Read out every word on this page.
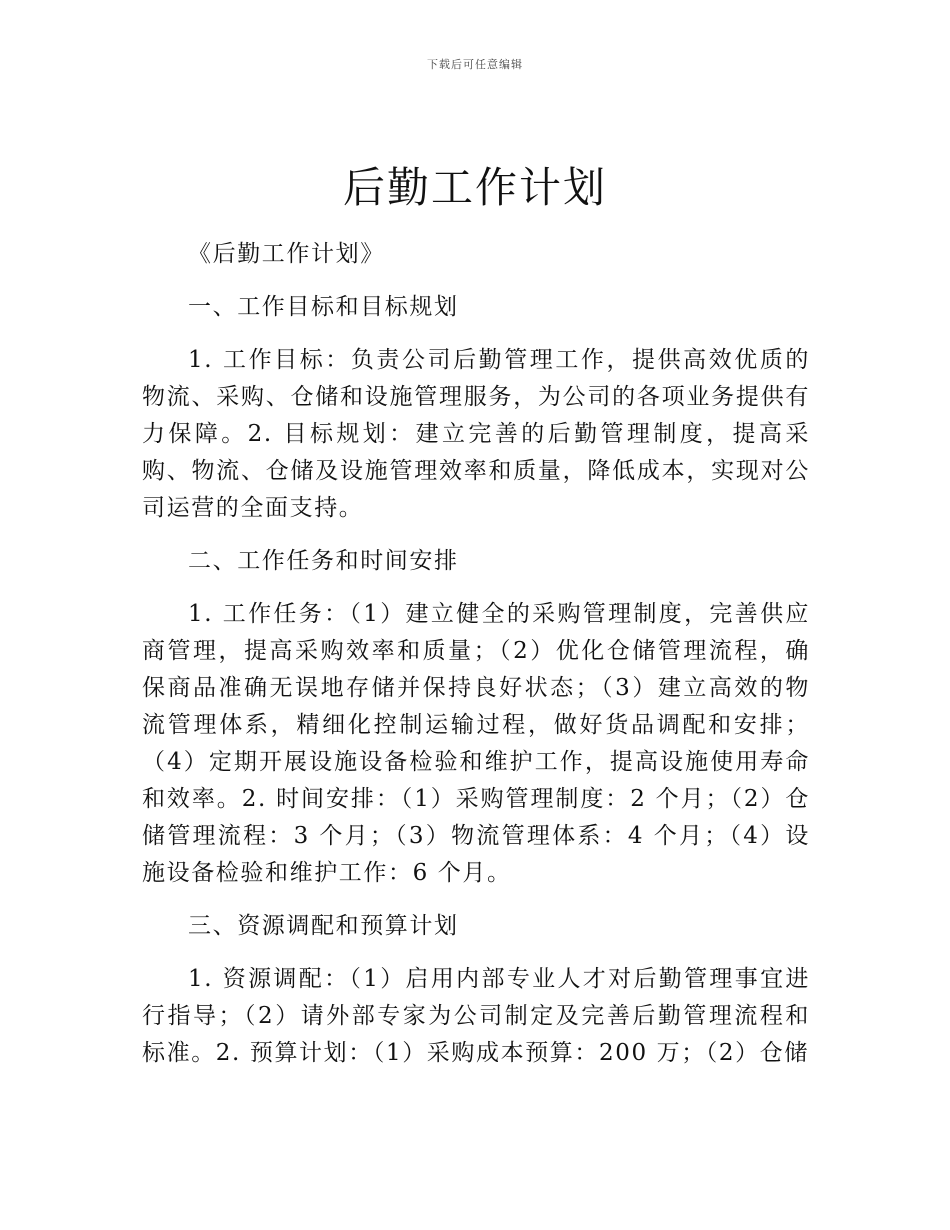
下载后可任意编辑
后勤工作计划

《后勤工作计划》

一、工作目标和目标规划

1. 工作目标：负责公司后勤管理工作，提供高效优质的物流、采购、仓储和设施管理服务，为公司的各项业务提供有力保障。2. 目标规划：建立完善的后勤管理制度，提高采购、物流、仓储及设施管理效率和质量，降低成本，实现对公司运营的全面支持。

二、工作任务和时间安排

1. 工作任务：（1）建立健全的采购管理制度，完善供应商管理，提高采购效率和质量；（2）优化仓储管理流程，确保商品准确无误地存储并保持良好状态；（3）建立高效的物流管理体系，精细化控制运输过程，做好货品调配和安排；（4）定期开展设施设备检验和维护工作，提高设施使用寿命和效率。2. 时间安排：（1）采购管理制度：2 个月；（2）仓储管理流程：3 个月；（3）物流管理体系：4 个月；（4）设施设备检验和维护工作：6 个月。

三、资源调配和预算计划

1. 资源调配：（1）启用内部专业人才对后勤管理事宜进行指导；（2）请外部专家为公司制定及完善后勤管理流程和标准。2. 预算计划：（1）采购成本预算：200 万；（2）仓储
